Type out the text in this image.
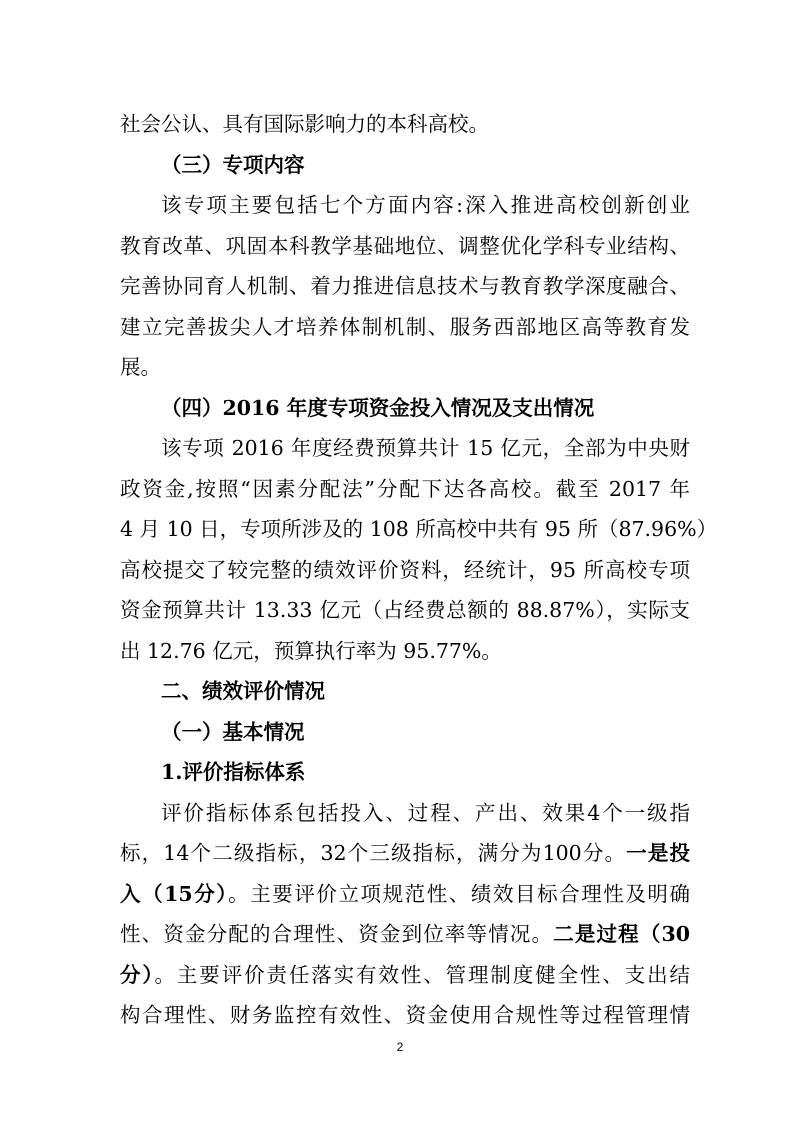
社会公认、具有国际影响力的本科高校。
（三）专项内容
该专项主要包括七个方面内容:深入推进高校创新创业
教育改革、巩固本科教学基础地位、调整优化学科专业结构、
完善协同育人机制、着力推进信息技术与教育教学深度融合、
建立完善拔尖人才培养体制机制、服务西部地区高等教育发
展。
（四）2016 年度专项资金投入情况及支出情况
该专项 2016 年度经费预算共计 15 亿元，全部为中央财
政资金,按照“因素分配法”分配下达各高校。截至 2017 年
4 月 10 日，专项所涉及的 108 所高校中共有 95 所（87.96%）
高校提交了较完整的绩效评价资料，经统计，95 所高校专项
资金预算共计 13.33 亿元（占经费总额的 88.87%），实际支
出 12.76 亿元，预算执行率为 95.77%。
二、绩效评价情况
（一）基本情况
1.评价指标体系
评价指标体系包括投入、过程、产出、效果4个一级指
标，14个二级指标，32个三级指标，满分为100分。一是投
入（15分）。主要评价立项规范性、绩效目标合理性及明确
性、资金分配的合理性、资金到位率等情况。二是过程（30
分）。主要评价责任落实有效性、管理制度健全性、支出结
构合理性、财务监控有效性、资金使用合规性等过程管理情
2
